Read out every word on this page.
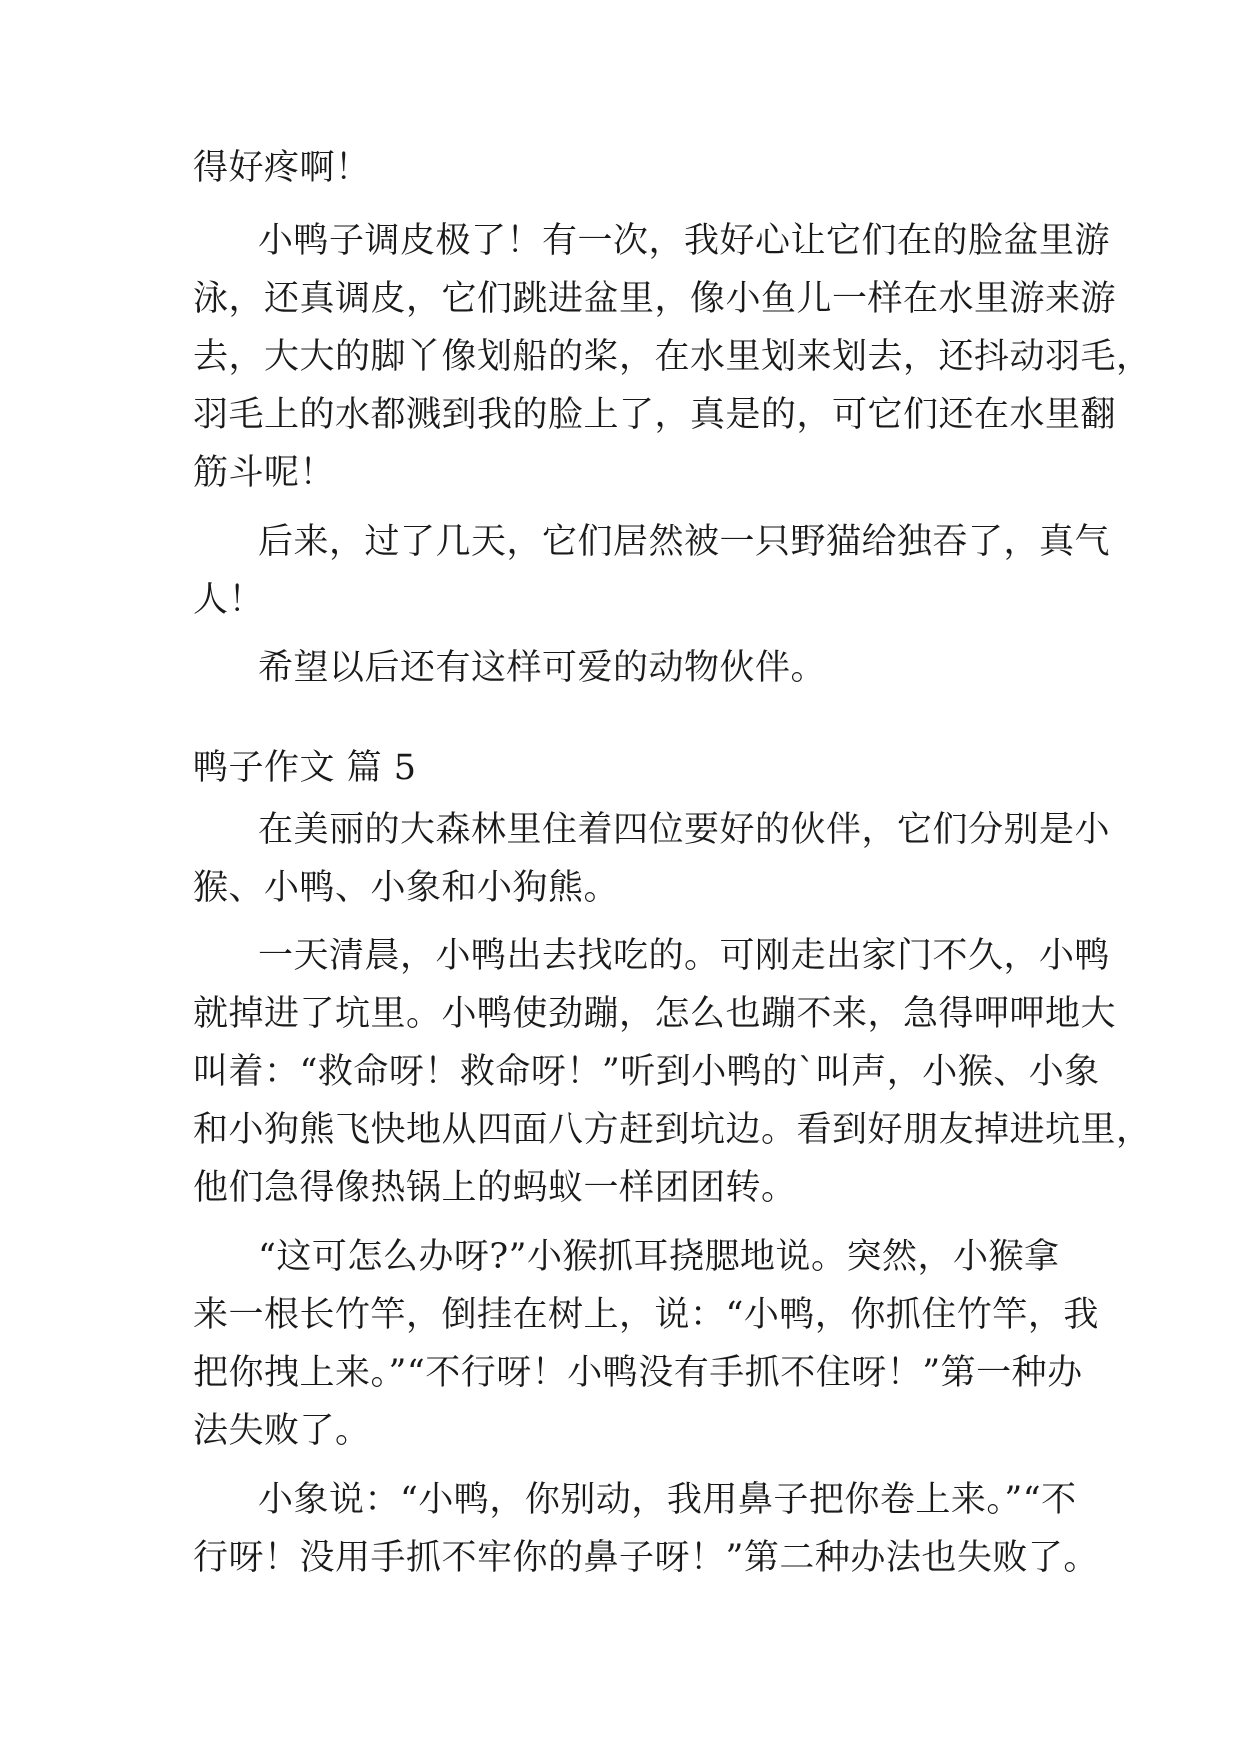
得好疼啊！
小鸭子调皮极了！有一次，我好心让它们在的脸盆里游
泳，还真调皮，它们跳进盆里，像小鱼儿一样在水里游来游
去，大大的脚丫像划船的桨，在水里划来划去，还抖动羽毛，
羽毛上的水都溅到我的脸上了，真是的，可它们还在水里翻
筋斗呢！
后来，过了几天，它们居然被一只野猫给独吞了，真气
人！
希望以后还有这样可爱的动物伙伴。
鸭子作文 篇 5
在美丽的大森林里住着四位要好的伙伴，它们分别是小
猴、小鸭、小象和小狗熊。
一天清晨，小鸭出去找吃的。可刚走出家门不久，小鸭
就掉进了坑里。小鸭使劲蹦，怎么也蹦不来，急得呷呷地大
叫着：“救命呀！救命呀！”听到小鸭的`叫声，小猴、小象
和小狗熊飞快地从四面八方赶到坑边。看到好朋友掉进坑里，
他们急得像热锅上的蚂蚁一样团团转。
“这可怎么办呀?”小猴抓耳挠腮地说。突然，小猴拿
来一根长竹竿，倒挂在树上，说：“小鸭，你抓住竹竿，我
把你拽上来。”“不行呀！小鸭没有手抓不住呀！”第一种办
法失败了。
小象说：“小鸭，你别动，我用鼻子把你卷上来。”“不
行呀！没用手抓不牢你的鼻子呀！”第二种办法也失败了。
